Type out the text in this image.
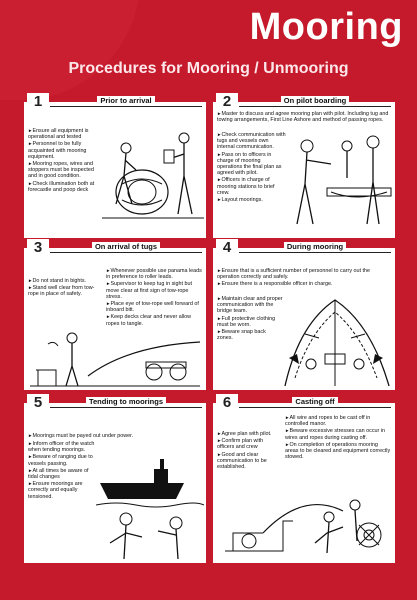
Mooring
Procedures for Mooring / Unmooring
1	Prior to arrival
► Ensure all equipment is operational and tested
► Personnel to be fully acquainted with mooring equipment.
► Mooring ropes, wires and stoppers must be inspected and in good condition.
► Check illumination both at forecastle and poop deck
2	On pilot boarding
► Master to discuss and agree mooring plan with pilot. Including tug and towing arrangements, First Line Ashore and method of passing ropes.
► Check communication with tugs and vessels own internal communication.
► Pass on to officers in charge of mooring operations the final plan as agreed with pilot.
► Officers in charge of mooring stations to brief crew.
► Layout moorings.
3	On arrival of tugs
► Do not stand in bights.
► Stand well clear from tow-rope in place of safety.
► Whenever possible use panama leads in preference to roller leads.
► Supervisor to keep tug in sight but move clear at first sign of tow-rope stress.
► Place eye of tow-rope well forward of inboard bitt.
► Keep decks clear and never allow ropes to tangle.
4	During mooring
► Ensure that is a sufficient number of personnel to carry out the operation correctly and safely.
► Ensure there is a responsible officer in charge.
► Maintain clear and proper communication with the bridge team.
► Full protective clothing must be worn.
► Beware snap back zones.
5	Tending to moorings
► Moorings must be payed out under power.
► Inform officer of the watch when tending moorings.
► Beware of ranging due to vessels passing.
► At all times be aware of tidal changes
► Ensure moorings are correctly and equally tensioned.
6	Casting off
► Agree plan with pilot.
► Confirm plan with officers and crew
► Good and clear communication to be established.
► All wire and ropes to be cast off in controlled manor.
► Beware excessive stresses can occur in wires and ropes during casting off.
► On completion of operations mooring areas to be cleared and equipment correctly stowed.
